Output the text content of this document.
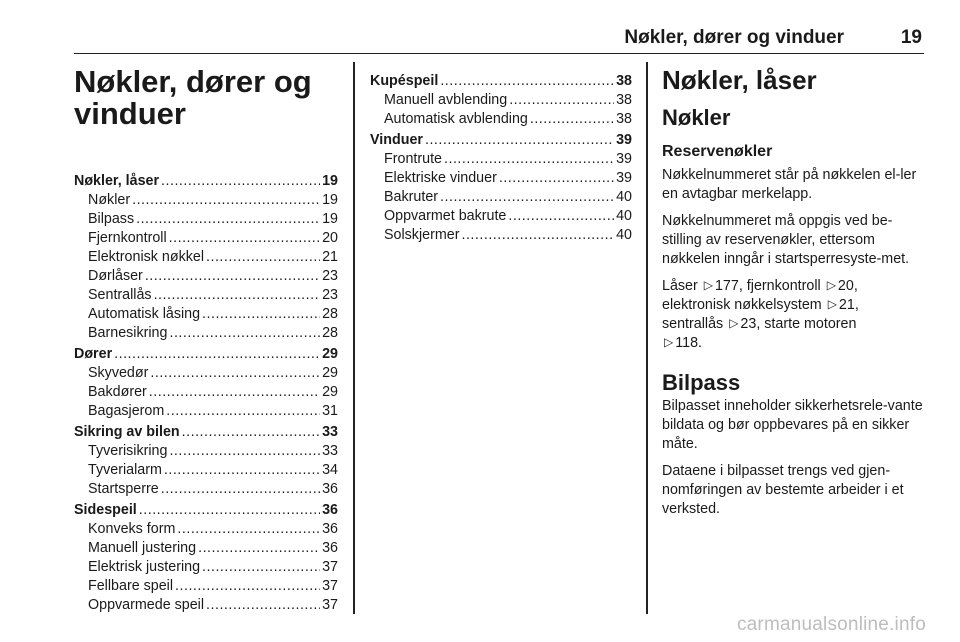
Nøkler, dører og vinduer	19
Nøkler, dører og vinduer
Nøkler, låser .....	19
Nøkler .....	19
Bilpass .....	19
Fjernkontroll .....	20
Elektronisk nøkkel .....	21
Dørlåser .....	23
Sentrallås .....	23
Automatisk låsing .....	28
Barnesikring .....	28
Dører .....	29
Skyvedør .....	29
Bakdører .....	29
Bagasjerom .....	31
Sikring av bilen .....	33
Tyverisikring .....	33
Tyverialarm .....	34
Startsperre .....	36
Sidespeil .....	36
Konveks form .....	36
Manuell justering .....	36
Elektrisk justering .....	37
Fellbare speil .....	37
Oppvarmede speil .....	37
Kupéspeil .....	38
Manuell avblending .....	38
Automatisk avblending .....	38
Vinduer .....	39
Frontrute .....	39
Elektriske vinduer .....	39
Bakruter .....	40
Oppvarmet bakrute .....	40
Solskjermer .....	40
Nøkler, låser
Nøkler
Reservenøkler

Nøkkelnummeret står på nøkkelen el-ler en avtagbar merkelapp.

Nøkkelnummeret må oppgis ved be-stilling av reservenøkler, ettersom nøkkelen inngår i startsperresyste-met.

Låser ▷ 177, fjernkontroll ▷ 20,
elektronisk nøkkelsystem ▷ 21,
sentrallås ▷ 23, starte motoren
▷ 118.

Bilpass

Bilpasset inneholder sikkerhetsrele-vante bildata og bør oppbevares på en sikker måte.

Dataene i bilpasset trengs ved gjen-nomføringen av bestemte arbeider i et verksted.

carmanualsonline.info
